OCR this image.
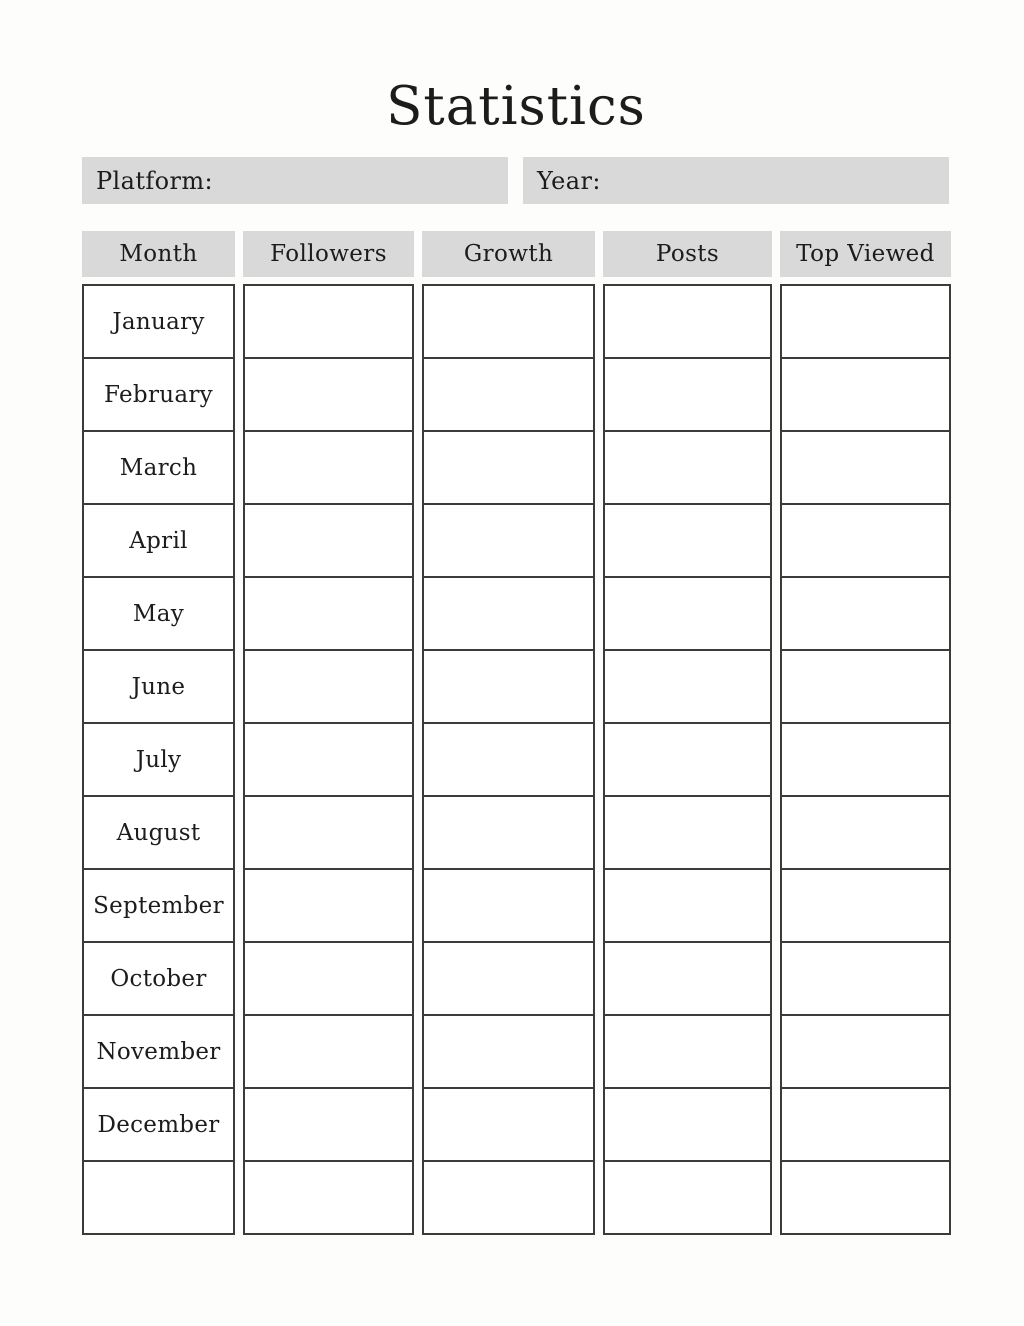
Statistics
Platform:	Year:
Month	Followers	Growth	Posts	Top Viewed
January
February
March
April
May
June
July
August
September
October
November
December
